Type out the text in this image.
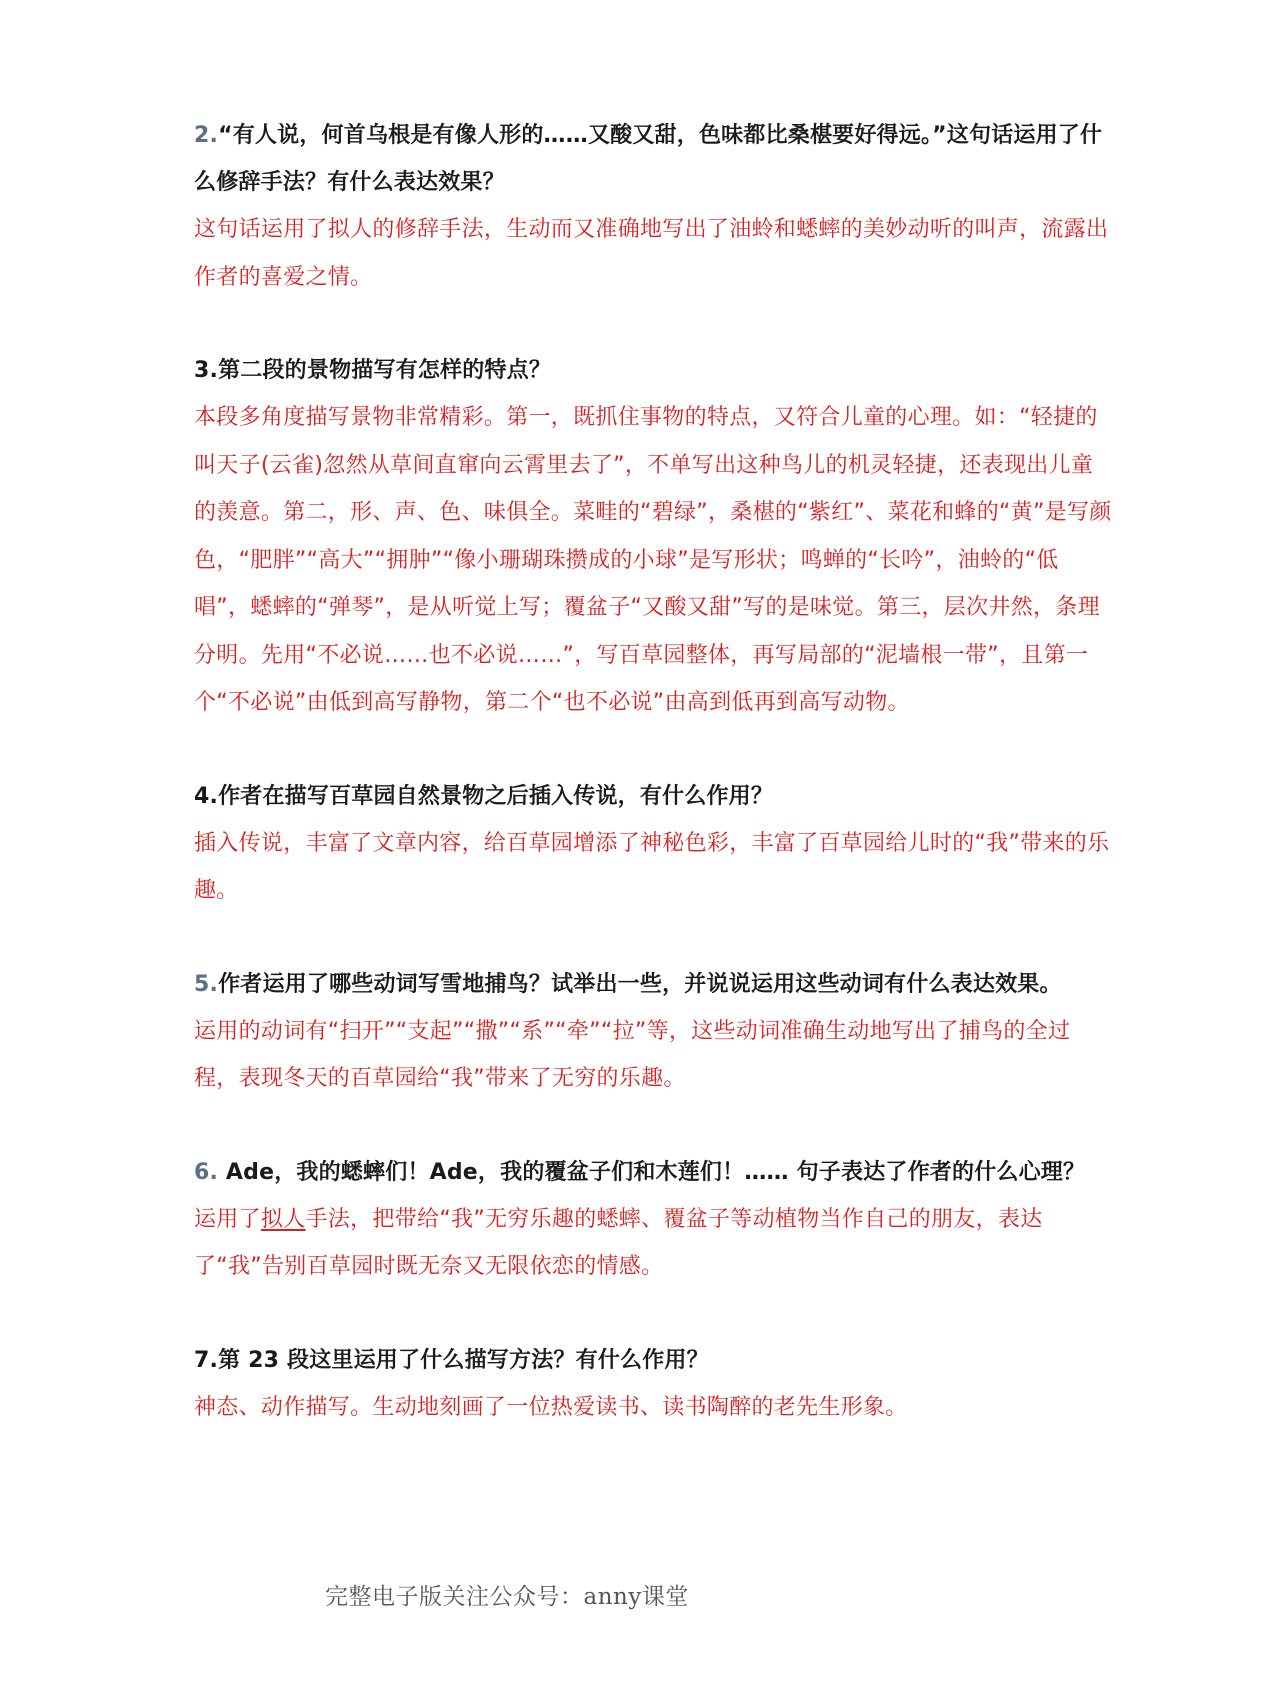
2.“有人说，何首乌根是有像人形的……又酸又甜，色味都比桑椹要好得远。”这句话运用了什么修辞手法？有什么表达效果？

这句话运用了拟人的修辞手法，生动而又准确地写出了油蛉和蟋蟀的美妙动听的叫声，流露出作者的喜爱之情。

3.第二段的景物描写有怎样的特点？

本段多角度描写景物非常精彩。第一，既抓住事物的特点，又符合儿童的心理。如：“轻捷的叫天子(云雀)忽然从草间直窜向云霄里去了”，不单写出这种鸟儿的机灵轻捷，还表现出儿童的羡意。第二，形、声、色、味俱全。菜畦的“碧绿”，桑椹的“紫红”、菜花和蜂的“黄”是写颜色，“肥胖”“高大”“拥肿”“像小珊瑚珠攒成的小球”是写形状；鸣蝉的“长吟”，油蛉的“低唱”，蟋蟀的“弹琴”，是从听觉上写；覆盆子“又酸又甜”写的是味觉。第三，层次井然，条理分明。先用“不必说……也不必说……”，写百草园整体，再写局部的“泥墙根一带”，且第一个“不必说”由低到高写静物，第二个“也不必说”由高到低再到高写动物。

4.作者在描写百草园自然景物之后插入传说，有什么作用？

插入传说，丰富了文章内容，给百草园增添了神秘色彩，丰富了百草园给儿时的“我”带来的乐趣。

5.作者运用了哪些动词写雪地捕鸟？试举出一些，并说说运用这些动词有什么表达效果。

运用的动词有“扫开”“支起”“撒”“系”“牵”“拉”等，这些动词准确生动地写出了捕鸟的全过程，表现冬天的百草园给“我”带来了无穷的乐趣。

6. Ade，我的蟋蟀们！Ade，我的覆盆子们和木莲们！…… 句子表达了作者的什么心理？

运用了拟人手法，把带给“我”无穷乐趣的蟋蟀、覆盆子等动植物当作自己的朋友，表达了“我”告别百草园时既无奈又无限依恋的情感。

7.第 23 段这里运用了什么描写方法？有什么作用？

神态、动作描写。生动地刻画了一位热爱读书、读书陶醉的老先生形象。

完整电子版关注公众号：anny课堂
